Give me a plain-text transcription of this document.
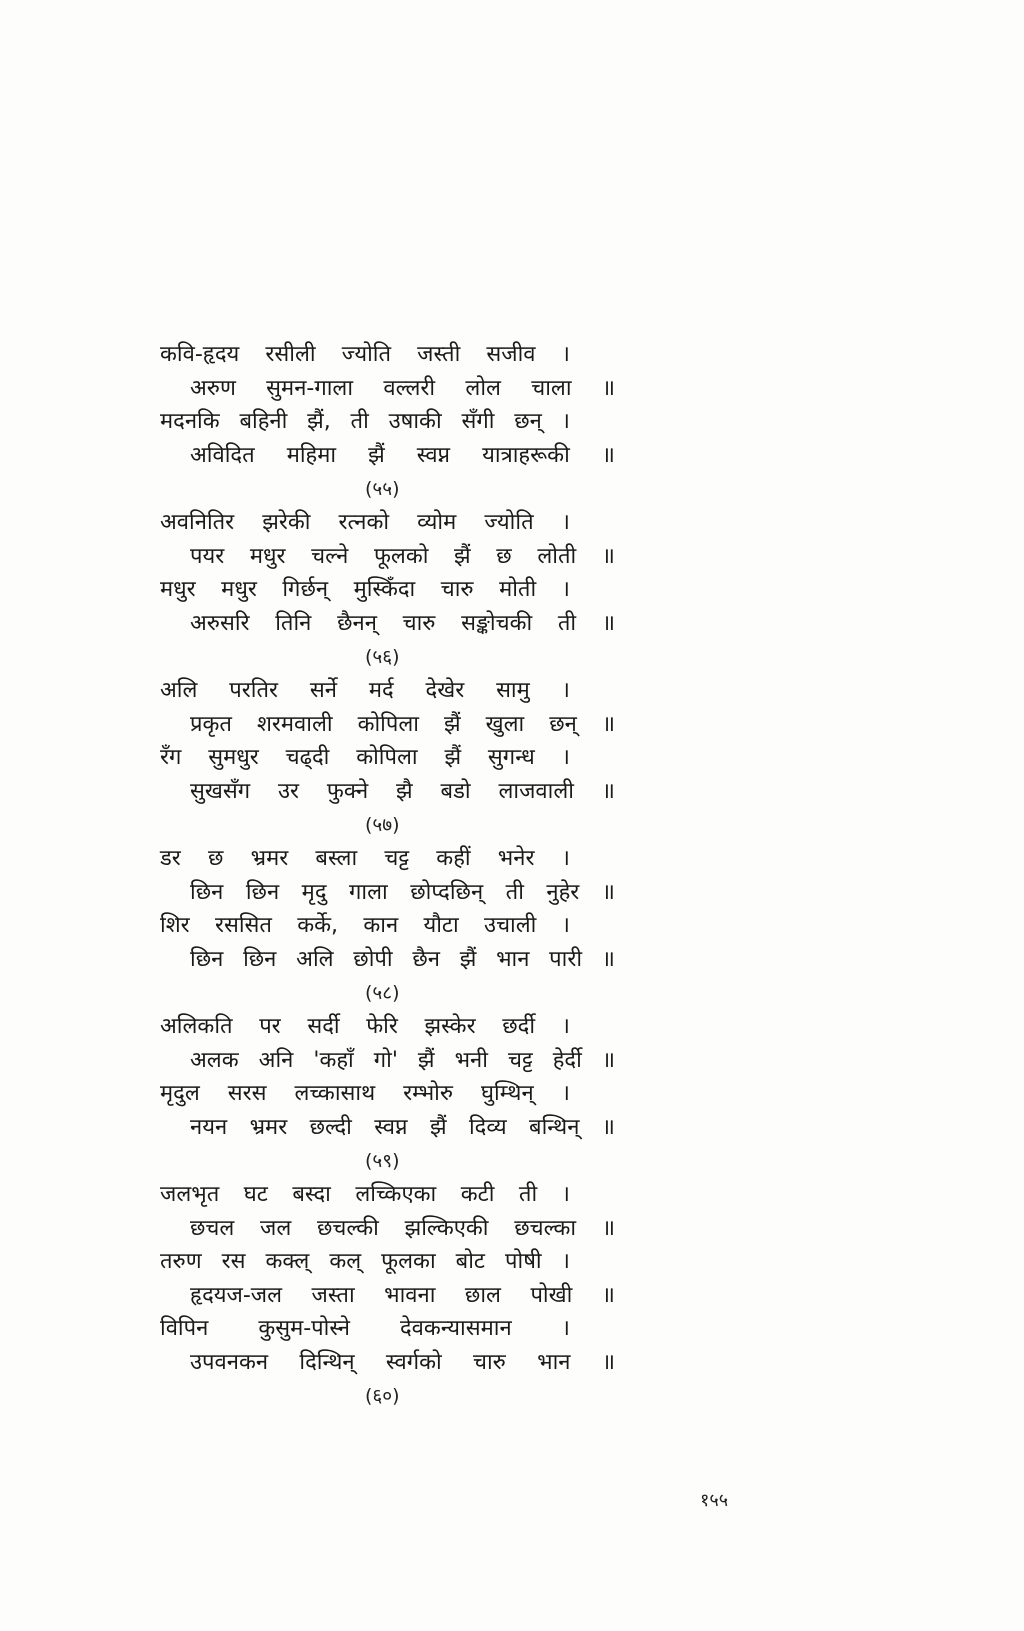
कवि-हृदय रसीली ज्योति जस्ती सजीव ।
अरुण सुमन-गाला वल्लरी लोल चाला ॥
मदनकि बहिनी झैं, ती उषाकी सँगी छन् ।
अविदित महिमा झैं स्वप्न यात्राहरूकी ॥
(५५)
अवनितिर झरेकी रत्नको व्योम ज्योति ।
पयर मधुर चल्ने फूलको झैं छ लोती ॥
मधुर मधुर गिर्छन् मुस्किँदा चारु मोती ।
अरुसरि तिनि छैनन् चारु सङ्कोचकी ती ॥
(५६)
अलि परतिर सर्ने मर्द देखेर सामु ।
प्रकृत शरमवाली कोपिला झैं खुला छन् ॥
रँग सुमधुर चढ्दी कोपिला झैं सुगन्ध ।
सुखसँग उर फुक्ने झै बडो लाजवाली ॥
(५७)
डर छ भ्रमर बस्ला चट्ट कहीं भनेर ।
छिन छिन मृदु गाला छोप्दछिन् ती नुहेर ॥
शिर रससित कर्के, कान यौटा उचाली ।
छिन छिन अलि छोपी छैन झैं भान पारी ॥
(५८)
अलिकति पर सर्दी फेरि झस्केर छर्दी ।
अलक अनि 'कहाँ गो' झैं भनी चट्ट हेर्दी ॥
मृदुल सरस लच्कासाथ रम्भोरु घुम्थिन् ।
नयन भ्रमर छल्दी स्वप्न झैं दिव्य बन्थिन् ॥
(५९)
जलभृत घट बस्दा लच्किएका कटी ती ।
छचल जल छचल्की झल्किएकी छचल्का ॥
तरुण रस कक्ल् कल् फूलका बोट पोषी ।
हृदयज-जल जस्ता भावना छाल पोखी ॥
विपिन कुसुम-पोस्ने देवकन्यासमान ।
उपवनकन दिन्थिन् स्वर्गको चारु भान ॥
(६०)
१५५
